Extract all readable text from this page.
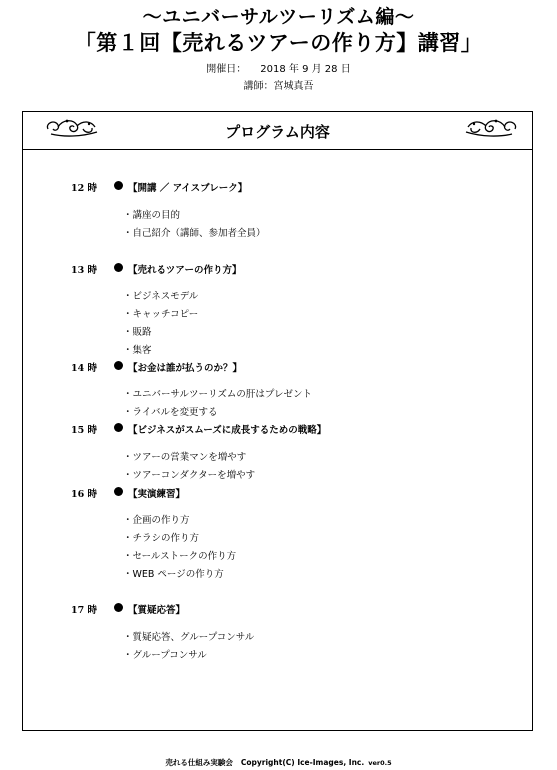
〜ユニバーサルツーリズム編〜
「第１回【売れるツアーの作り方】講習」
開催日： 2018 年 9 月 28 日
講師：宮城真吾
プログラム内容
12 時	【開講 ／ アイスブレーク】
・講座の目的
・自己紹介（講師、参加者全員）
13 時	【売れるツアーの作り方】
・ビジネスモデル
・キャッチコピー
・販路
・集客
14 時	【お金は誰が払うのか？】
・ユニバーサルツーリズムの肝はプレゼント
・ライバルを変更する
15 時	【ビジネスがスムーズに成長するための戦略】
・ツアーの営業マンを増やす
・ツアーコンダクターを増やす
16 時	【実演練習】
・企画の作り方
・チラシの作り方
・セールストークの作り方
・WEB ページの作り方
17 時	【質疑応答】
・質疑応答、グループコンサル
・グループコンサル
売れる仕組み実験会 Copyright(C) Ice-Images, Inc. ver0.5
